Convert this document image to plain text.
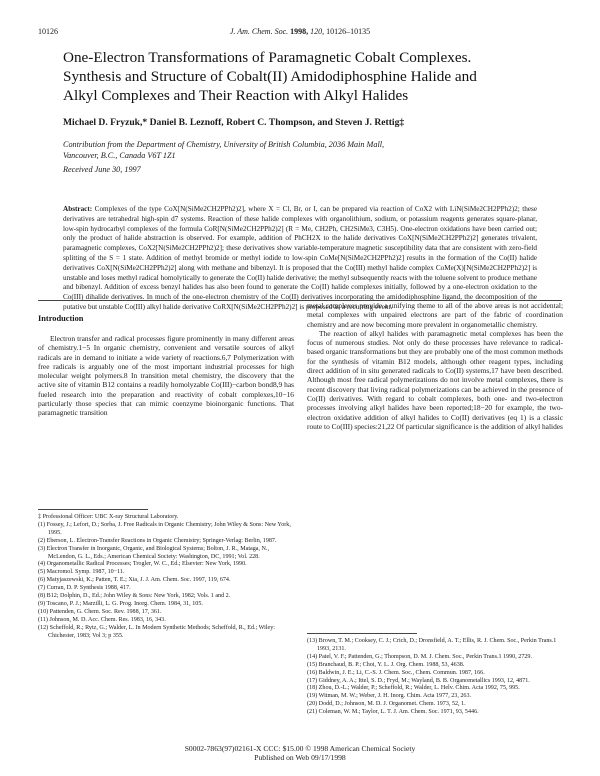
10126	J. Am. Chem. Soc. 1998, 120, 10126–10135
One-Electron Transformations of Paramagnetic Cobalt Complexes.
Synthesis and Structure of Cobalt(II) Amidodiphosphine Halide and
Alkyl Complexes and Their Reaction with Alkyl Halides
Michael D. Fryzuk,* Daniel B. Leznoff, Robert C. Thompson, and Steven J. Rettig‡
Contribution from the Department of Chemistry, University of British Columbia, 2036 Main Mall,
Vancouver, B.C., Canada V6T 1Z1
Received June 30, 1997
Abstract: Complexes of the type CoX[N(SiMe2CH2PPh2)2], where X = Cl, Br, or I, can be prepared via reaction of CoX2 with LiN(SiMe2CH2PPh2)2; these derivatives are tetrahedral high-spin d7 systems. Reaction of these halide complexes with organolithium, sodium, or potassium reagents generates square-planar, low-spin hydrocarbyl complexes of the formula CoR[N(SiMe2CH2PPh2)2] (R = Me, CH2Ph, CH2SiMe3, C3H5). One-electron oxidations have been carried out; only the product of halide abstraction is observed. For example, addition of PhCH2X to the halide derivatives CoX[N(SiMe2CH2PPh2)2] generates trivalent, paramagnetic complexes, CoX2[N(SiMe2CH2PPh2)2]; these derivatives show variable-temperature magnetic susceptibility data that are consistent with zero-field splitting of the S = 1 state. Addition of methyl bromide or methyl iodide to low-spin CoMe[N(SiMe2CH2PPh2)2] results in the formation of the Co(II) halide derivatives CoX[N(SiMe2CH2PPh2)2] along with methane and bibenzyl. It is proposed that the Co(III) methyl halide complex CoMe(X)[N(SiMe2CH2PPh2)2] is unstable and loses methyl radical homolytically to generate the Co(II) halide derivative; the methyl subsequently reacts with the toluene solvent to produce methane and bibenzyl. Addition of excess benzyl halides has also been found to generate the Co(II) halide complexes initially, followed by a one-electron oxidation to the Co(III) dihalide derivatives. In much of the one-electron chemistry of the Co(II) derivatives incorporating the amidodiphosphine ligand, the decomposition of the putative but unstable Co(III) alkyl halide derivative CoRX[N(SiMe2CH2PPh2)2] is proposed as a recurring event.
Introduction

Electron transfer and radical processes figure prominently in many different areas of chemistry.1−5 In organic chemistry, convenient and versatile sources of alkyl radicals are in demand to initiate a wide variety of reactions.6,7 Polymerization with free radicals is arguably one of the most important industrial processes for high molecular weight polymers.8 In transition metal chemistry, the discovery that the active site of vitamin B12 contains a readily homolyzable Co(III)−carbon bond8,9 has fueled research into the preparation and reactivity of cobalt complexes,10−16 particularly those species that can mimic coenzyme bioinorganic functions. That paramagnetic transition

‡ Professional Officer: UBC X-ray Structural Laboratory.
(1) Fossey, J.; Lefort, D.; Sorba, J. Free Radicals in Organic Chemistry; John Wiley & Sons: New York, 1995.
(2) Eberson, L. Electron-Transfer Reactions in Organic Chemistry; Springer-Verlag: Berlin, 1987.
(3) Electron Transfer in Inorganic, Organic, and Biological Systems; Bolton, J. R., Mataga, N., McLendon, G. L., Eds.; American Chemical Society: Washington, DC, 1991; Vol. 228.
(4) Organometallic Radical Processes; Trogler, W. C., Ed.; Elsevier: New York, 1990.
(5) Macromol. Symp. 1987, 10−11.
(6) Matyjaszewski, K.; Patten, T. E.; Xia, J. J. Am. Chem. Soc. 1997, 119, 674.
(7) Curran, D. P. Synthesis 1988, 417.
(8) B12; Dolphin, D., Ed.; John Wiley & Sons: New York, 1982; Vols. 1 and 2.
(9) Toscano, P. J.; Marzilli, L. G. Prog. Inorg. Chem. 1984, 31, 105.
(10) Pattenden, G. Chem. Soc. Rev. 1988, 17, 361.
(11) Johnson, M. D. Acc. Chem. Res. 1983, 16, 343.
(12) Scheffold, R.; Rytz, G.; Walder, L. In Modern Synthetic Methods; Scheffold, R., Ed.; Wiley: Chichester, 1983; Vol 3; p 355.

metal complexes provide a unifying theme to all of the above areas is not accidental; metal complexes with unpaired electrons are part of the fabric of coordination chemistry and are now becoming more prevalent in organometallic chemistry.

The reaction of alkyl halides with paramagnetic metal complexes has been the focus of numerous studies. Not only do these processes have relevance to radical-based organic transformations but they are probably one of the most common methods for the synthesis of vitamin B12 models, although other reagent types, including direct addition of in situ generated radicals to Co(II) systems,17 have been described. Although most free radical polymerizations do not involve metal complexes, there is recent discovery that living radical polymerizations can be achieved in the presence of Co(II) derivatives. With regard to cobalt complexes, both one- and two-electron processes involving alkyl halides have been reported;18−20 for example, the two-electron oxidative addition of alkyl halides to Co(II) derivatives (eq 1) is a classic route to Co(III) species:21,22 Of particular significance is the addition of alkyl halides

(13) Brown, T. M.; Cooksey, C. J.; Crich, D.; Dronsfield, A. T.; Ellis, R. J. Chem. Soc., Perkin Trans.1 1993, 2131.
(14) Patel, V. F.; Pattenden, G.; Thompson, D. M. J. Chem. Soc., Perkin Trans.1 1990, 2729.
(15) Branchaud, B. P.; Choi, Y. L. J. Org. Chem. 1988, 53, 4638.
(16) Baldwin, J. E.; Li, C.-S. J. Chem. Soc., Chem. Commun. 1987, 166.
(17) Giddney, A. A.; Ittel, S. D.; Fryd, M.; Wayland, B. B. Organometallics 1993, 12, 4871.
(18) Zhou, D.-L.; Walder, P.; Scheffold, R.; Walder, L. Helv. Chim. Acta 1992, 75, 995.
(19) Witman, M. W.; Weber, J. H. Inorg. Chim. Acta 1977, 23, 263.
(20) Dodd, D.; Johnson, M. D. J. Organomet. Chem. 1973, 52, 1.
(21) Coleman, W. M.; Taylor, L. T. J. Am. Chem. Soc. 1971, 93, 5446.
S0002-7863(97)02161-X CCC: $15.00 © 1998 American Chemical Society
Published on Web 09/17/1998
